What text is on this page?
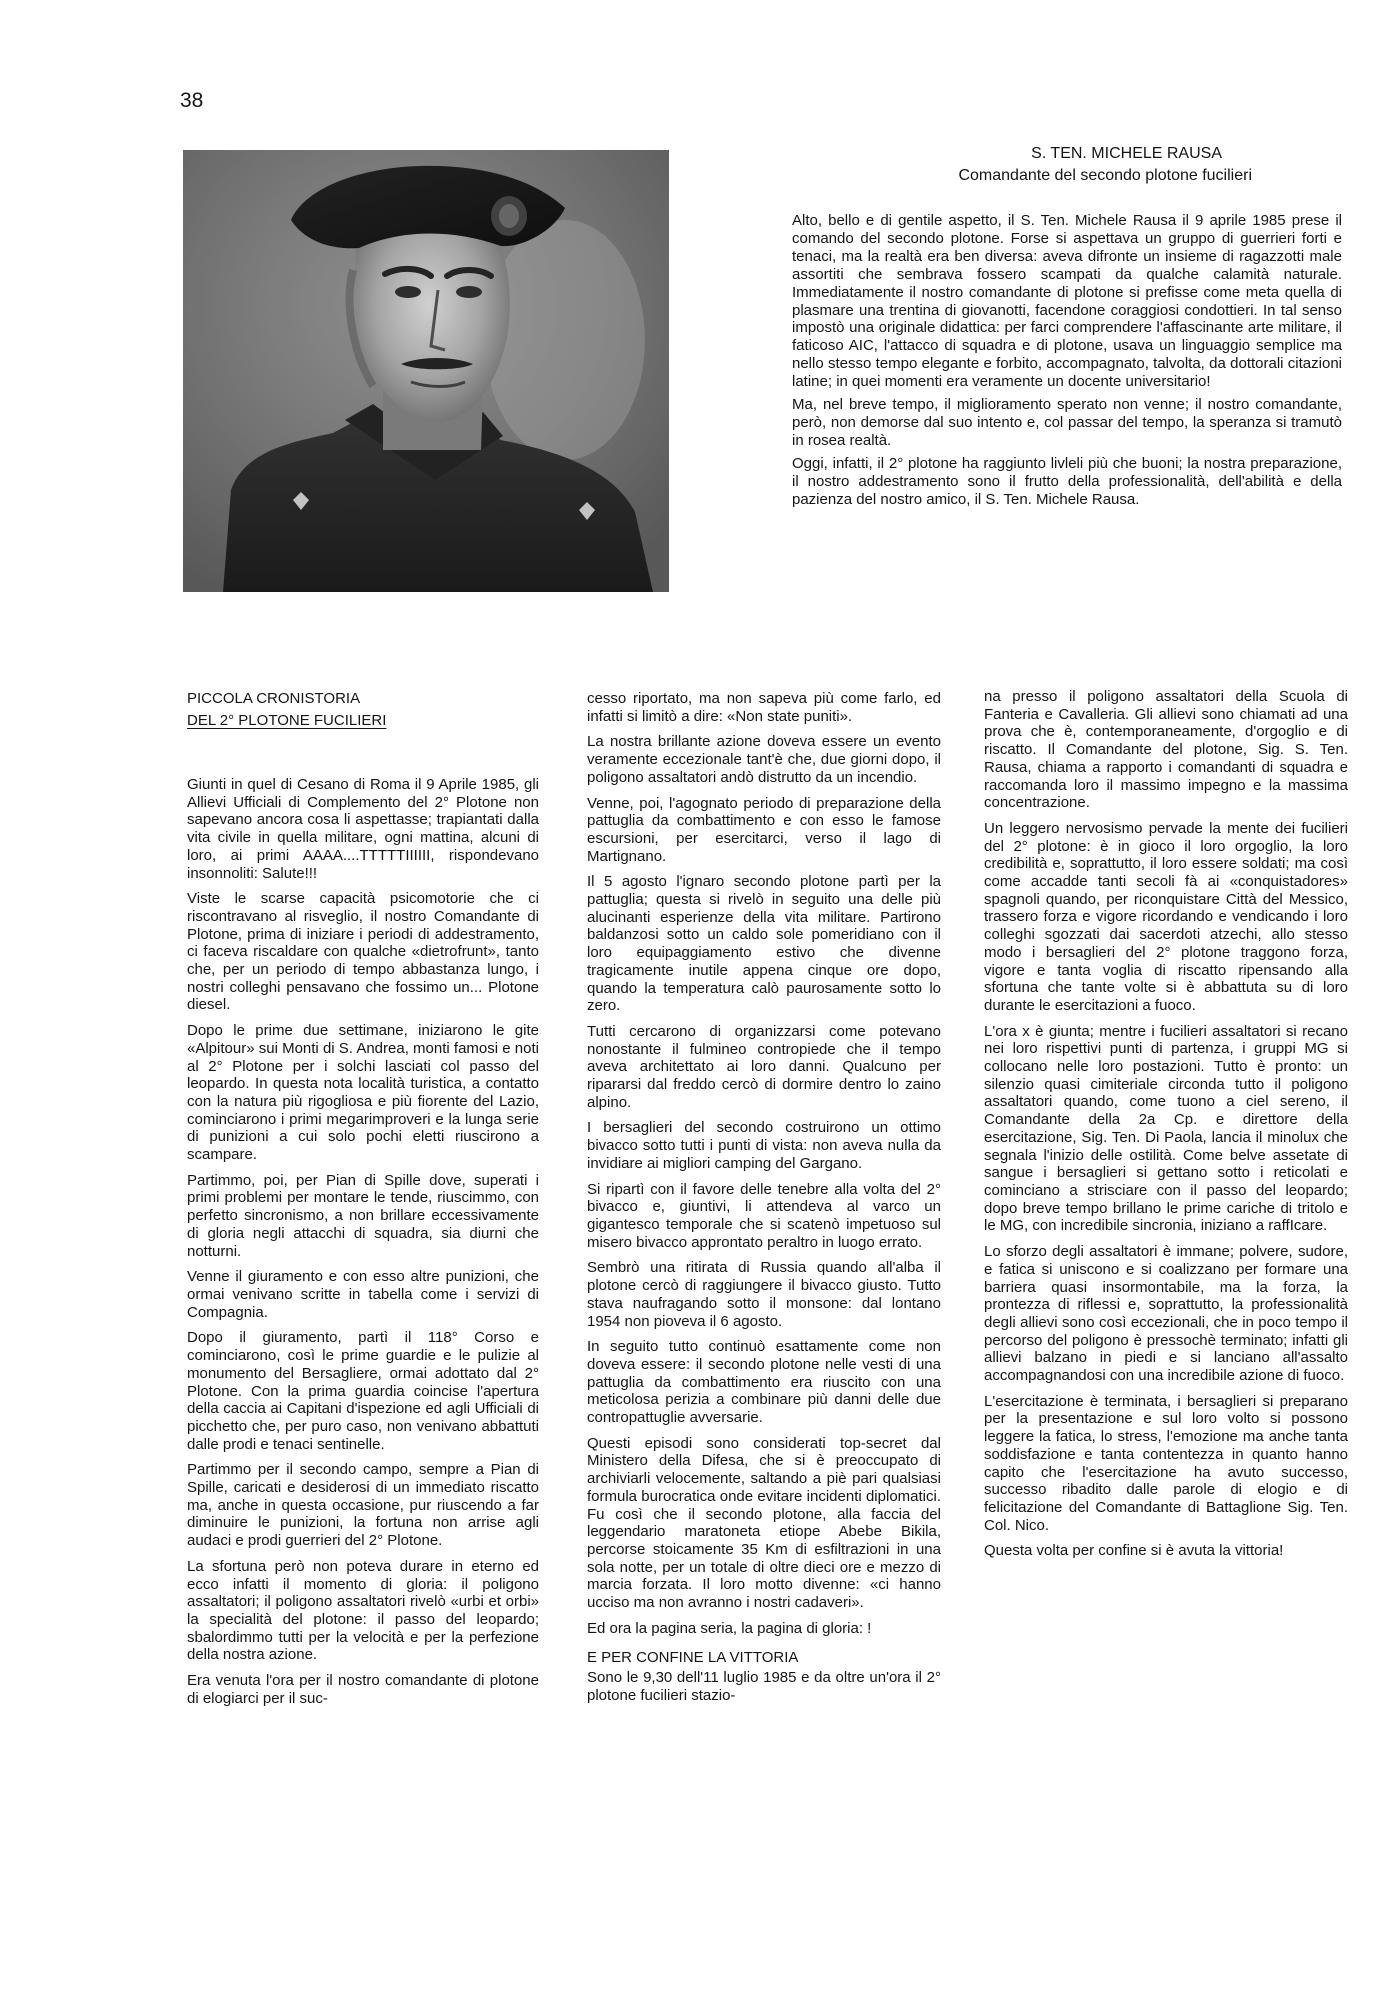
38
S. TEN. MICHELE RAUSA
Comandante del secondo plotone fucilieri

Alto, bello e di gentile aspetto, il S. Ten. Michele Rausa il 9 aprile 1985 prese il comando del secondo plotone. Forse si aspettava un gruppo di guerrieri forti e tenaci, ma la realtà era ben diversa: aveva difronte un insieme di ragazzotti male assortiti che sembrava fossero scampati da qualche calamità naturale. Immediatamente il nostro comandante di plotone si prefisse come meta quella di plasmare una trentina di giovanotti, facendone coraggiosi condottieri. In tal senso impostò una originale didattica: per farci comprendere l'affascinante arte militare, il faticoso AIC, l'attacco di squadra e di plotone, usava un linguaggio semplice ma nello stesso tempo elegante e forbito, accompagnato, talvolta, da dottorali citazioni latine; in quei momenti era veramente un docente universitario!

Ma, nel breve tempo, il miglioramento sperato non venne; il nostro comandante, però, non demorse dal suo intento e, col passar del tempo, la speranza si tramutò in rosea realtà.

Oggi, infatti, il 2° plotone ha raggiunto livleli più che buoni; la nostra preparazione, il nostro addestramento sono il frutto della professionalità, dell'abilità e della pazienza del nostro amico, il S. Ten. Michele Rausa.

PICCOLA CRONISTORIA
DEL 2° PLOTONE FUCILIERI

Giunti in quel di Cesano di Roma il 9 Aprile 1985, gli Allievi Ufficiali di Complemento del 2° Plotone non sapevano ancora cosa li aspettasse; trapiantati dalla vita civile in quella militare, ogni mattina, alcuni di loro, ai primi AAAA....TTTTTIIIIII, rispondevano insonnoliti: Salute!!!

Viste le scarse capacità psicomotorie che ci riscontravano al risveglio, il nostro Comandante di Plotone, prima di iniziare i periodi di addestramento, ci faceva riscaldare con qualche «dietrofrunt», tanto che, per un periodo di tempo abbastanza lungo, i nostri colleghi pensavano che fossimo un... Plotone diesel.

Dopo le prime due settimane, iniziarono le gite «Alpitour» sui Monti di S. Andrea, monti famosi e noti al 2° Plotone per i solchi lasciati col passo del leopardo. In questa nota località turistica, a contatto con la natura più rigogliosa e più fiorente del Lazio, cominciarono i primi megarimproveri e la lunga serie di punizioni a cui solo pochi eletti riuscirono a scampare.

Partimmo, poi, per Pian di Spille dove, superati i primi problemi per montare le tende, riuscimmo, con perfetto sincronismo, a non brillare eccessivamente di gloria negli attacchi di squadra, sia diurni che notturni.

Venne il giuramento e con esso altre punizioni, che ormai venivano scritte in tabella come i servizi di Compagnia.

Dopo il giuramento, partì il 118° Corso e cominciarono, così le prime guardie e le pulizie al monumento del Bersagliere, ormai adottato dal 2° Plotone. Con la prima guardia coincise l'apertura della caccia ai Capitani d'ispezione ed agli Ufficiali di picchetto che, per puro caso, non venivano abbattuti dalle prodi e tenaci sentinelle.

Partimmo per il secondo campo, sempre a Pian di Spille, caricati e desiderosi di un immediato riscatto ma, anche in questa occasione, pur riuscendo a far diminuire le punizioni, la fortuna non arrise agli audaci e prodi guerrieri del 2° Plotone.

La sfortuna però non poteva durare in eterno ed ecco infatti il momento di gloria: il poligono assaltatori; il poligono assaltatori rivelò «urbi et orbi» la specialità del plotone: il passo del leopardo; sbalordimmo tutti per la velocità e per la perfezione della nostra azione.

Era venuta l'ora per il nostro comandante di plotone di elogiarci per il suc-

cesso riportato, ma non sapeva più come farlo, ed infatti si limitò a dire: «Non state puniti».

La nostra brillante azione doveva essere un evento veramente eccezionale tant'è che, due giorni dopo, il poligono assaltatori andò distrutto da un incendio.

Venne, poi, l'agognato periodo di preparazione della pattuglia da combattimento e con esso le famose escursioni, per esercitarci, verso il lago di Martignano.

Il 5 agosto l'ignaro secondo plotone partì per la pattuglia; questa si rivelò in seguito una delle più alucinanti esperienze della vita militare. Partirono baldanzosi sotto un caldo sole pomeridiano con il loro equipaggiamento estivo che divenne tragicamente inutile appena cinque ore dopo, quando la temperatura calò paurosamente sotto lo zero.

Tutti cercarono di organizzarsi come potevano nonostante il fulmineo contropiede che il tempo aveva architettato ai loro danni. Qualcuno per ripararsi dal freddo cercò di dormire dentro lo zaino alpino.

I bersaglieri del secondo costruirono un ottimo bivacco sotto tutti i punti di vista: non aveva nulla da invidiare ai migliori camping del Gargano.

Si ripartì con il favore delle tenebre alla volta del 2° bivacco e, giuntivi, li attendeva al varco un gigantesco temporale che si scatenò impetuoso sul misero bivacco approntato peraltro in luogo errato.

Sembrò una ritirata di Russia quando all'alba il plotone cercò di raggiungere il bivacco giusto. Tutto stava naufragando sotto il monsone: dal lontano 1954 non pioveva il 6 agosto.

In seguito tutto continuò esattamente come non doveva essere: il secondo plotone nelle vesti di una pattuglia da combattimento era riuscito con una meticolosa perizia a combinare più danni delle due contropattuglie avversarie.

Questi episodi sono considerati top-secret dal Ministero della Difesa, che si è preoccupato di archiviarli velocemente, saltando a piè pari qualsiasi formula burocratica onde evitare incidenti diplomatici. Fu così che il secondo plotone, alla faccia del leggendario maratoneta etiope Abebe Bikila, percorse stoicamente 35 Km di esfiltrazioni in una sola notte, per un totale di oltre dieci ore e mezzo di marcia forzata. Il loro motto divenne: «ci hanno ucciso ma non avranno i nostri cadaveri».

Ed ora la pagina seria, la pagina di gloria: !

E PER CONFINE LA VITTORIA

Sono le 9,30 dell'11 luglio 1985 e da oltre un'ora il 2° plotone fucilieri stazio-

na presso il poligono assaltatori della Scuola di Fanteria e Cavalleria. Gli allievi sono chiamati ad una prova che è, contemporaneamente, d'orgoglio e di riscatto. Il Comandante del plotone, Sig. S. Ten. Rausa, chiama a rapporto i comandanti di squadra e raccomanda loro il massimo impegno e la massima concentrazione.

Un leggero nervosismo pervade la mente dei fucilieri del 2° plotone: è in gioco il loro orgoglio, la loro credibilità e, soprattutto, il loro essere soldati; ma così come accadde tanti secoli fà ai «conquistadores» spagnoli quando, per riconquistare Città del Messico, trassero forza e vigore ricordando e vendicando i loro colleghi sgozzati dai sacerdoti atzechi, allo stesso modo i bersaglieri del 2° plotone traggono forza, vigore e tanta voglia di riscatto ripensando alla sfortuna che tante volte si è abbattuta su di loro durante le esercitazioni a fuoco.

L'ora x è giunta; mentre i fucilieri assaltatori si recano nei loro rispettivi punti di partenza, i gruppi MG si collocano nelle loro postazioni. Tutto è pronto: un silenzio quasi cimiteriale circonda tutto il poligono assaltatori quando, come tuono a ciel sereno, il Comandante della 2a Cp. e direttore della esercitazione, Sig. Ten. Di Paola, lancia il minolux che segnala l'inizio delle ostilità. Come belve assetate di sangue i bersaglieri si gettano sotto i reticolati e cominciano a strisciare con il passo del leopardo; dopo breve tempo brillano le prime cariche di tritolo e le MG, con incredibile sincronia, iniziano a raffIcare.

Lo sforzo degli assaltatori è immane; polvere, sudore, e fatica si uniscono e si coalizzano per formare una barriera quasi insormontabile, ma la forza, la prontezza di riflessi e, soprattutto, la professionalità degli allievi sono così eccezionali, che in poco tempo il percorso del poligono è pressochè terminato; infatti gli allievi balzano in piedi e si lanciano all'assalto accompagnandosi con una incredibile azione di fuoco.

L'esercitazione è terminata, i bersaglieri si preparano per la presentazione e sul loro volto si possono leggere la fatica, lo stress, l'emozione ma anche tanta soddisfazione e tanta contentezza in quanto hanno capito che l'esercitazione ha avuto successo, successo ribadito dalle parole di elogio e di felicitazione del Comandante di Battaglione Sig. Ten. Col. Nico.

Questa volta per confine si è avuta la vittoria!
